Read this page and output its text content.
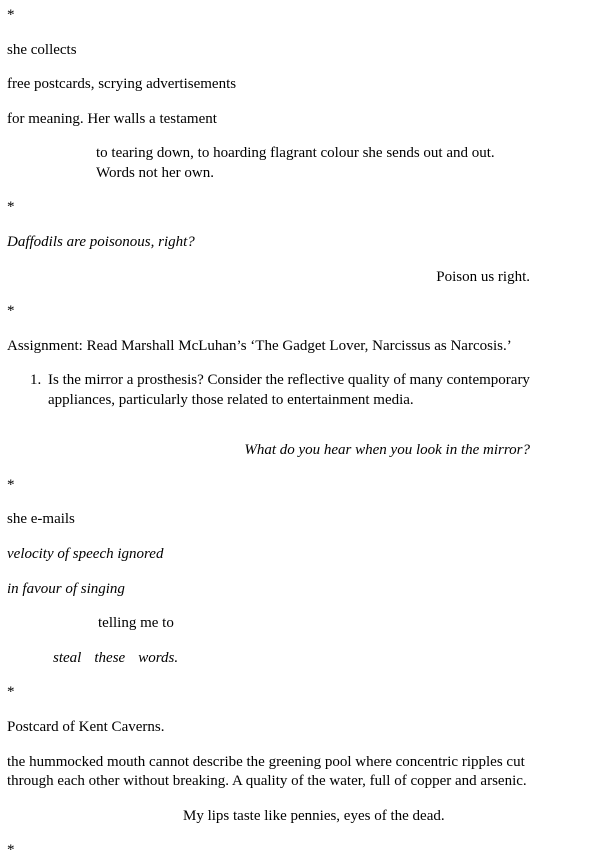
*
she collects
free postcards, scrying advertisements
for meaning. Her walls a testament
to tearing down, to hoarding flagrant colour she sends out and out.
Words not her own.
*
Daffodils are poisonous, right?
Poison us right.
*
Assignment: Read Marshall McLuhan’s ‘The Gadget Lover, Narcissus as Narcosis.’
1. Is the mirror a prosthesis? Consider the reflective quality of many contemporary appliances, particularly those related to entertainment media.
What do you hear when you look in the mirror?
*
she e-mails
velocity of speech ignored
in favour of singing
telling me to
steal these words.
*
Postcard of Kent Caverns.
the hummocked mouth cannot describe the greening pool where concentric ripples cut
through each other without breaking. A quality of the water, full of copper and arsenic.
My lips taste like pennies, eyes of the dead.
*
